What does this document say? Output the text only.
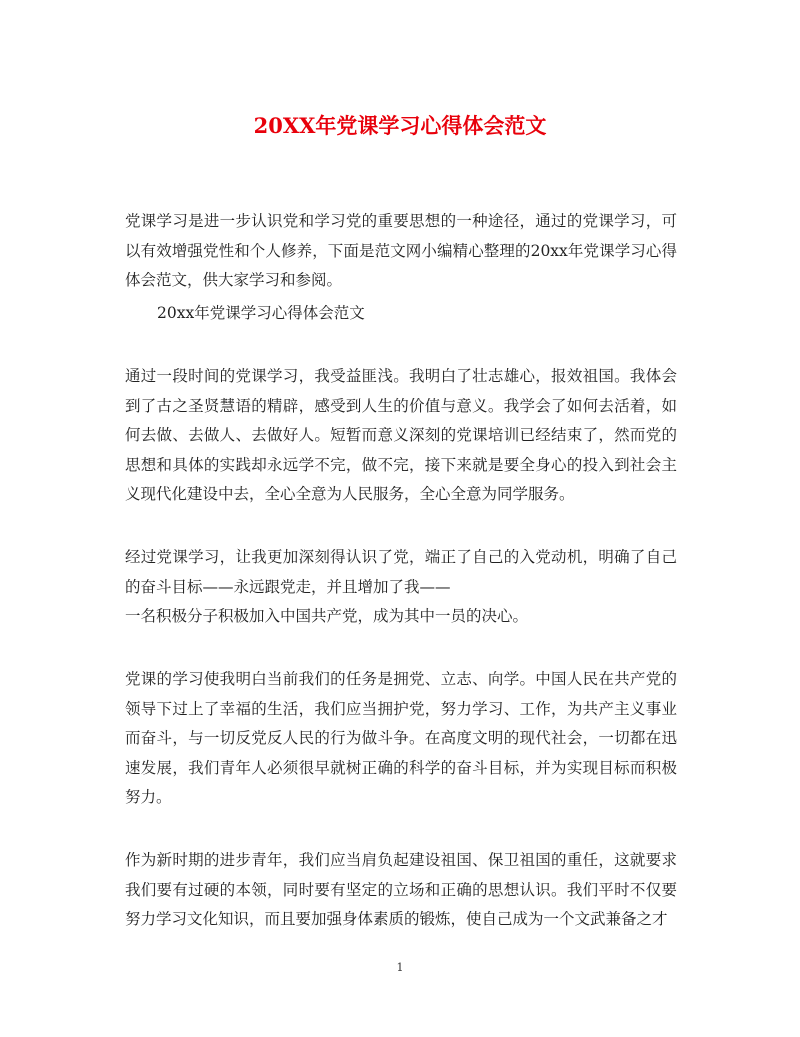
20XX年党课学习心得体会范文
党课学习是进一步认识党和学习党的重要思想的一种途径，通过的党课学习，可以有效增强党性和个人修养，下面是范文网小编精心整理的20xx年党课学习心得体会范文，供大家学习和参阅。
20xx年党课学习心得体会范文
通过一段时间的党课学习，我受益匪浅。我明白了壮志雄心，报效祖国。我体会到了古之圣贤慧语的精辟，感受到人生的价值与意义。我学会了如何去活着，如何去做、去做人、去做好人。短暂而意义深刻的党课培训已经结束了，然而党的思想和具体的实践却永远学不完，做不完，接下来就是要全身心的投入到社会主义现代化建设中去，全心全意为人民服务，全心全意为同学服务。
经过党课学习，让我更加深刻得认识了党，端正了自己的入党动机，明确了自己的奋斗目标——永远跟党走，并且增加了我——
一名积极分子积极加入中国共产党，成为其中一员的决心。
党课的学习使我明白当前我们的任务是拥党、立志、向学。中国人民在共产党的领导下过上了幸福的生活，我们应当拥护党，努力学习、工作，为共产主义事业而奋斗，与一切反党反人民的行为做斗争。在高度文明的现代社会，一切都在迅速发展，我们青年人必须很早就树正确的科学的奋斗目标，并为实现目标而积极努力。
作为新时期的进步青年，我们应当肩负起建设祖国、保卫祖国的重任，这就要求我们要有过硬的本领，同时要有坚定的立场和正确的思想认识。我们平时不仅要努力学习文化知识，而且要加强身体素质的锻炼，使自己成为一个文武兼备之才
1
